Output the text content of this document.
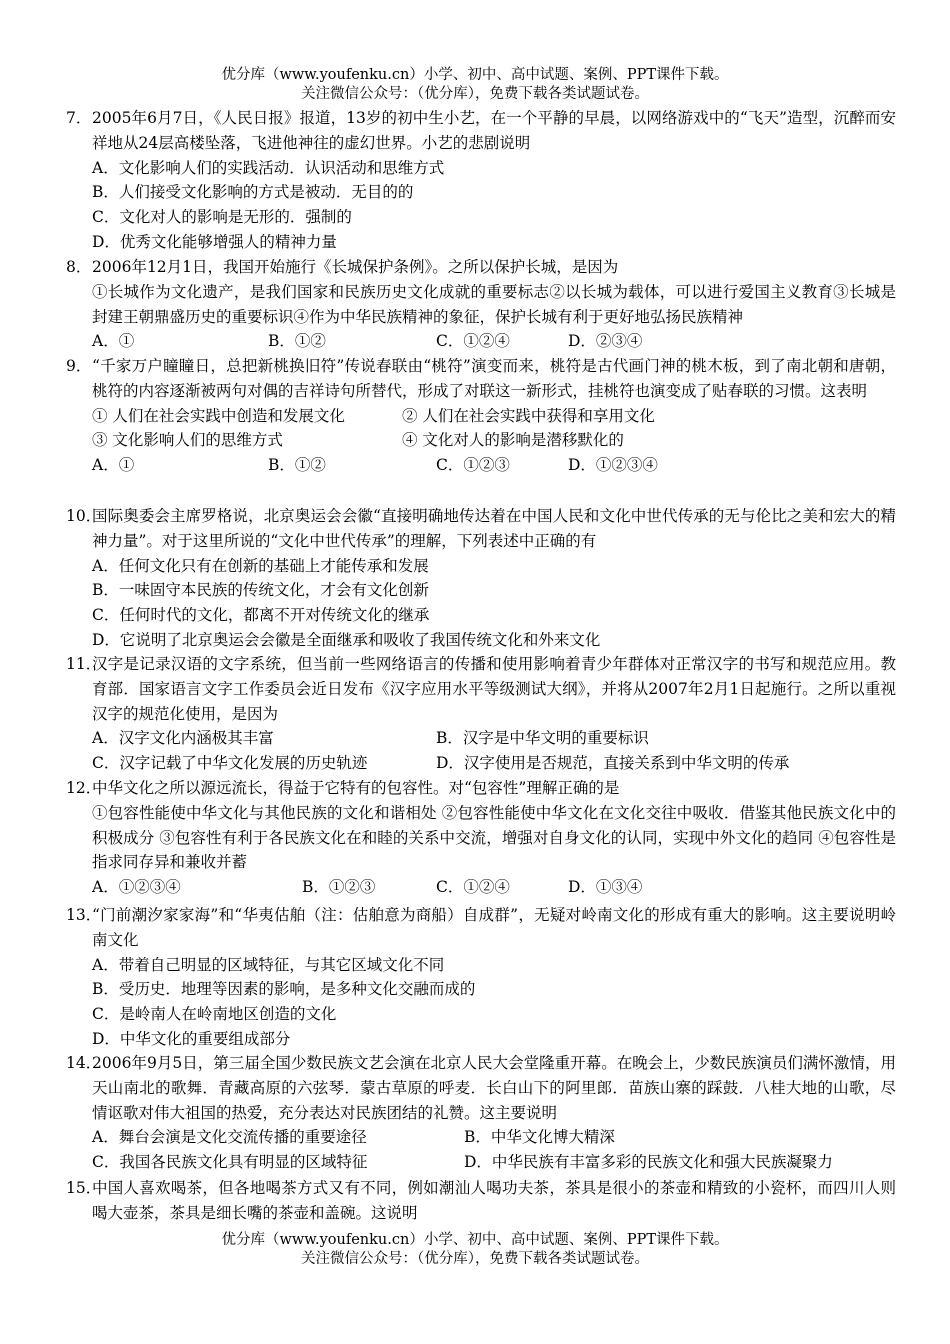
优分库（www.youfenku.cn）小学、初中、高中试题、案例、PPT课件下载。
关注微信公众号：（优分库），免费下载各类试题试卷。
7． 2005年6月7日，《人民日报》报道，13岁的初中生小艺，在一个平静的早晨，以网络游戏中的“飞天”造型，沉醉而安祥地从24层高楼坠落，飞进他神往的虚幻世界。小艺的悲剧说明
A．文化影响人们的实践活动．认识活动和思维方式
B．人们接受文化影响的方式是被动．无目的的
C．文化对人的影响是无形的．强制的
D．优秀文化能够增强人的精神力量
8． 2006年12月1日，我国开始施行《长城保护条例》。之所以保护长城，是因为
①长城作为文化遗产，是我们国家和民族历史文化成就的重要标志②以长城为载体，可以进行爱国主义教育③长城是封建王朝鼎盛历史的重要标识④作为中华民族精神的象征，保护长城有利于更好地弘扬民族精神
A．①	B．①②	C．①②④	D．②③④
9． “千家万户瞳瞳日，总把新桃换旧符”传说春联由“桃符”演变而来，桃符是古代画门神的桃木板，到了南北朝和唐朝，桃符的内容逐渐被两句对偶的吉祥诗句所替代，形成了对联这一新形式，挂桃符也演变成了贴春联的习惯。这表明
① 人们在社会实践中创造和发展文化	② 人们在社会实践中获得和享用文化
③ 文化影响人们的思维方式	④ 文化对人的影响是潜移默化的
A．①	B．①②	C．①②③	D．①②③④
10．
国际奥委会主席罗格说，北京奥运会会徽“直接明确地传达着在中国人民和文化中世代传承的无与伦比之美和宏大的精神力量”。对于这里所说的“文化中世代传承”的理解，下列表述中正确的有
A．任何文化只有在创新的基础上才能传承和发展
B．一味固守本民族的传统文化，才会有文化创新
C．任何时代的文化，都离不开对传统文化的继承
D．它说明了北京奥运会会徽是全面继承和吸收了我国传统文化和外来文化
11．
汉字是记录汉语的文字系统，但当前一些网络语言的传播和使用影响着青少年群体对正常汉字的书写和规范应用。教育部．国家语言文字工作委员会近日发布《汉字应用水平等级测试大纲》，并将从2007年2月1日起施行。之所以重视汉字的规范化使用，是因为
A．汉字文化内涵极其丰富	B．汉字是中华文明的重要标识
C．汉字记载了中华文化发展的历史轨迹	D．汉字使用是否规范，直接关系到中华文明的传承
12．
中华文化之所以源远流长，得益于它特有的包容性。对“包容性”理解正确的是
①包容性能使中华文化与其他民族的文化和谐相处 ②包容性能使中华文化在文化交往中吸收．借鉴其他民族文化中的积极成分 ③包容性有利于各民族文化在和睦的关系中交流，增强对自身文化的认同，实现中外文化的趋同 ④包容性是指求同存异和兼收并蓄
A．①②③④	B．①②③	C．①②④	D．①③④
13．
“门前潮汐家家海”和“华夷估舶（注：估舶意为商船）自成群”，无疑对岭南文化的形成有重大的影响。这主要说明岭南文化
A．带着自己明显的区域特征，与其它区域文化不同
B．受历史．地理等因素的影响，是多种文化交融而成的
C．是岭南人在岭南地区创造的文化
D．中华文化的重要组成部分
14．
2006年9月5日，第三届全国少数民族文艺会演在北京人民大会堂隆重开幕。在晚会上，少数民族演员们满怀激情，用天山南北的歌舞．青藏高原的六弦琴．蒙古草原的呼麦．长白山下的阿里郎．苗族山寨的踩鼓．八桂大地的山歌，尽情讴歌对伟大祖国的热爱，充分表达对民族团结的礼赞。这主要说明
A．舞台会演是文化交流传播的重要途径	B．中华文化博大精深
C．我国各民族文化具有明显的区域特征	D．中华民族有丰富多彩的民族文化和强大民族凝聚力
15．
中国人喜欢喝茶，但各地喝茶方式又有不同，例如潮汕人喝功夫茶，茶具是很小的茶壶和精致的小瓷杯，而四川人则喝大壶茶，茶具是细长嘴的茶壶和盖碗。这说明
优分库（www.youfenku.cn）小学、初中、高中试题、案例、PPT课件下载。
关注微信公众号：（优分库），免费下载各类试题试卷。
